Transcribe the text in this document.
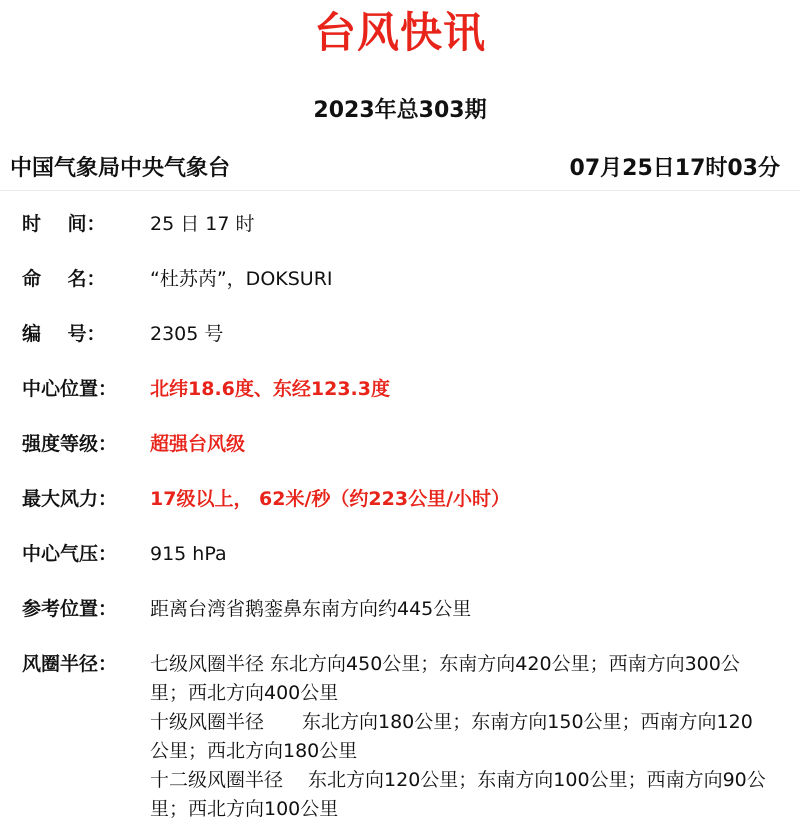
台风快讯
2023年总303期
中国气象局中央气象台	07月25日17时03分
时    间： 25 日 17 时
命    名： “杜苏芮”，DOKSURI
编    号： 2305 号
中心位置： 北纬18.6度、东经123.3度
强度等级： 超强台风级
最大风力： 17级以上， 62米/秒（约223公里/小时）
中心气压： 915 hPa
参考位置： 距离台湾省鹅銮鼻东南方向约445公里
风圈半径： 七级风圈半径 东北方向450公里；东南方向420公里；西南方向300公里；西北方向400公里
十级风圈半径　　东北方向180公里；东南方向150公里；西南方向120公里；西北方向180公里
十二级风圈半径　 东北方向120公里；东南方向100公里；西南方向90公里；西北方向100公里
